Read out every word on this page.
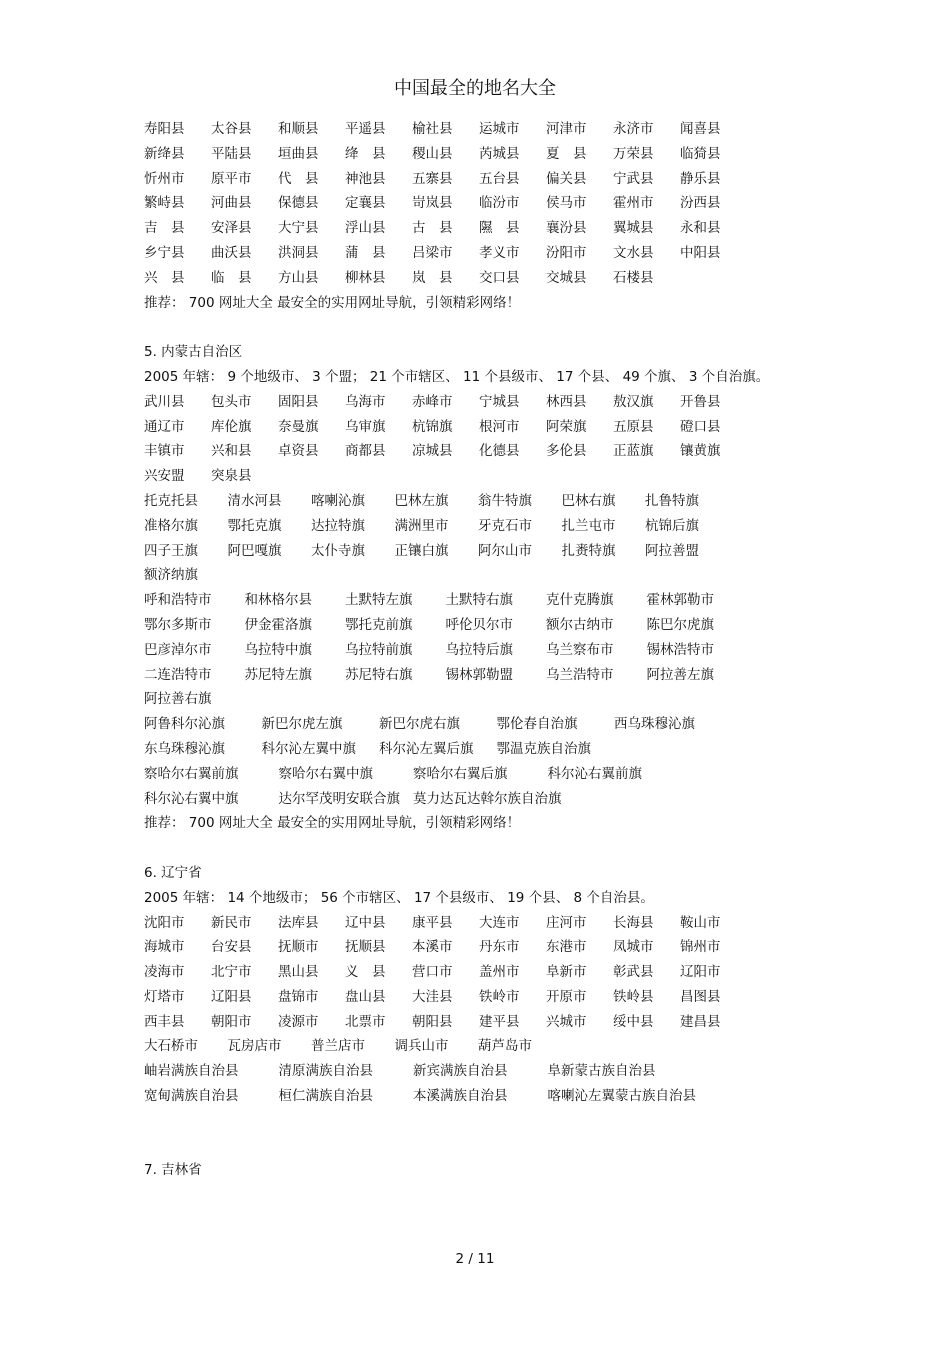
中国最全的地名大全
寿阳县 太谷县 和顺县 平遥县 榆社县 运城市 河津市 永济市 闻喜县
新绛县 平陆县 垣曲县 绛　县 稷山县 芮城县 夏　县 万荣县 临猗县
忻州市 原平市 代　县 神池县 五寨县 五台县 偏关县 宁武县 静乐县
繁峙县 河曲县 保德县 定襄县 岢岚县 临汾市 侯马市 霍州市 汾西县
吉　县 安泽县 大宁县 浮山县 古　县 隰　县 襄汾县 翼城县 永和县
乡宁县 曲沃县 洪洞县 蒲　县 吕梁市 孝义市 汾阳市 文水县 中阳县
兴　县 临　县 方山县 柳林县 岚　县 交口县 交城县 石楼县
推荐： 700 网址大全 最安全的实用网址导航，引领精彩网络！
5. 内蒙古自治区
2005 年辖： 9 个地级市、 3 个盟； 21 个市辖区、 11 个县级市、 17 个县、 49 个旗、 3 个自治旗。
武川县 包头市 固阳县 乌海市 赤峰市 宁城县 林西县 敖汉旗 开鲁县
通辽市 库伦旗 奈曼旗 乌审旗 杭锦旗 根河市 阿荣旗 五原县 磴口县
丰镇市 兴和县 卓资县 商都县 凉城县 化德县 多伦县 正蓝旗 镶黄旗
兴安盟 突泉县
托克托县 清水河县 喀喇沁旗 巴林左旗 翁牛特旗 巴林右旗 扎鲁特旗
准格尔旗 鄂托克旗 达拉特旗 满洲里市 牙克石市 扎兰屯市 杭锦后旗
四子王旗 阿巴嘎旗 太仆寺旗 正镶白旗 阿尔山市 扎赉特旗 阿拉善盟
额济纳旗
呼和浩特市 和林格尔县 土默特左旗 土默特右旗 克什克腾旗 霍林郭勒市
鄂尔多斯市 伊金霍洛旗 鄂托克前旗 呼伦贝尔市 额尔古纳市 陈巴尔虎旗
巴彦淖尔市 乌拉特中旗 乌拉特前旗 乌拉特后旗 乌兰察布市 锡林浩特市
二连浩特市 苏尼特左旗 苏尼特右旗 锡林郭勒盟 乌兰浩特市 阿拉善左旗
阿拉善右旗
阿鲁科尔沁旗	新巴尔虎左旗	新巴尔虎右旗	鄂伦春自治旗	西乌珠穆沁旗
东乌珠穆沁旗	科尔沁左翼中旗 科尔沁左翼后旗 鄂温克族自治旗
察哈尔右翼前旗	察哈尔右翼中旗	察哈尔右翼后旗	科尔沁右翼前旗
科尔沁右翼中旗	达尔罕茂明安联合旗 莫力达瓦达斡尔族自治旗
推荐： 700 网址大全 最安全的实用网址导航，引领精彩网络！
6. 辽宁省
2005 年辖： 14 个地级市； 56 个市辖区、 17 个县级市、 19 个县、 8 个自治县。
沈阳市 新民市 法库县 辽中县 康平县 大连市 庄河市 长海县 鞍山市
海城市 台安县 抚顺市 抚顺县 本溪市 丹东市 东港市 凤城市 锦州市
凌海市 北宁市 黑山县 义　县 营口市 盖州市 阜新市 彰武县 辽阳市
灯塔市 辽阳县 盘锦市 盘山县 大洼县 铁岭市 开原市 铁岭县 昌图县
西丰县 朝阳市 凌源市 北票市 朝阳县 建平县 兴城市 绥中县 建昌县
大石桥市 瓦房店市 普兰店市 调兵山市 葫芦岛市
岫岩满族自治县	清原满族自治县	新宾满族自治县	阜新蒙古族自治县
宽甸满族自治县	桓仁满族自治县	本溪满族自治县	喀喇沁左翼蒙古族自治县
7. 吉林省
2 / 11
